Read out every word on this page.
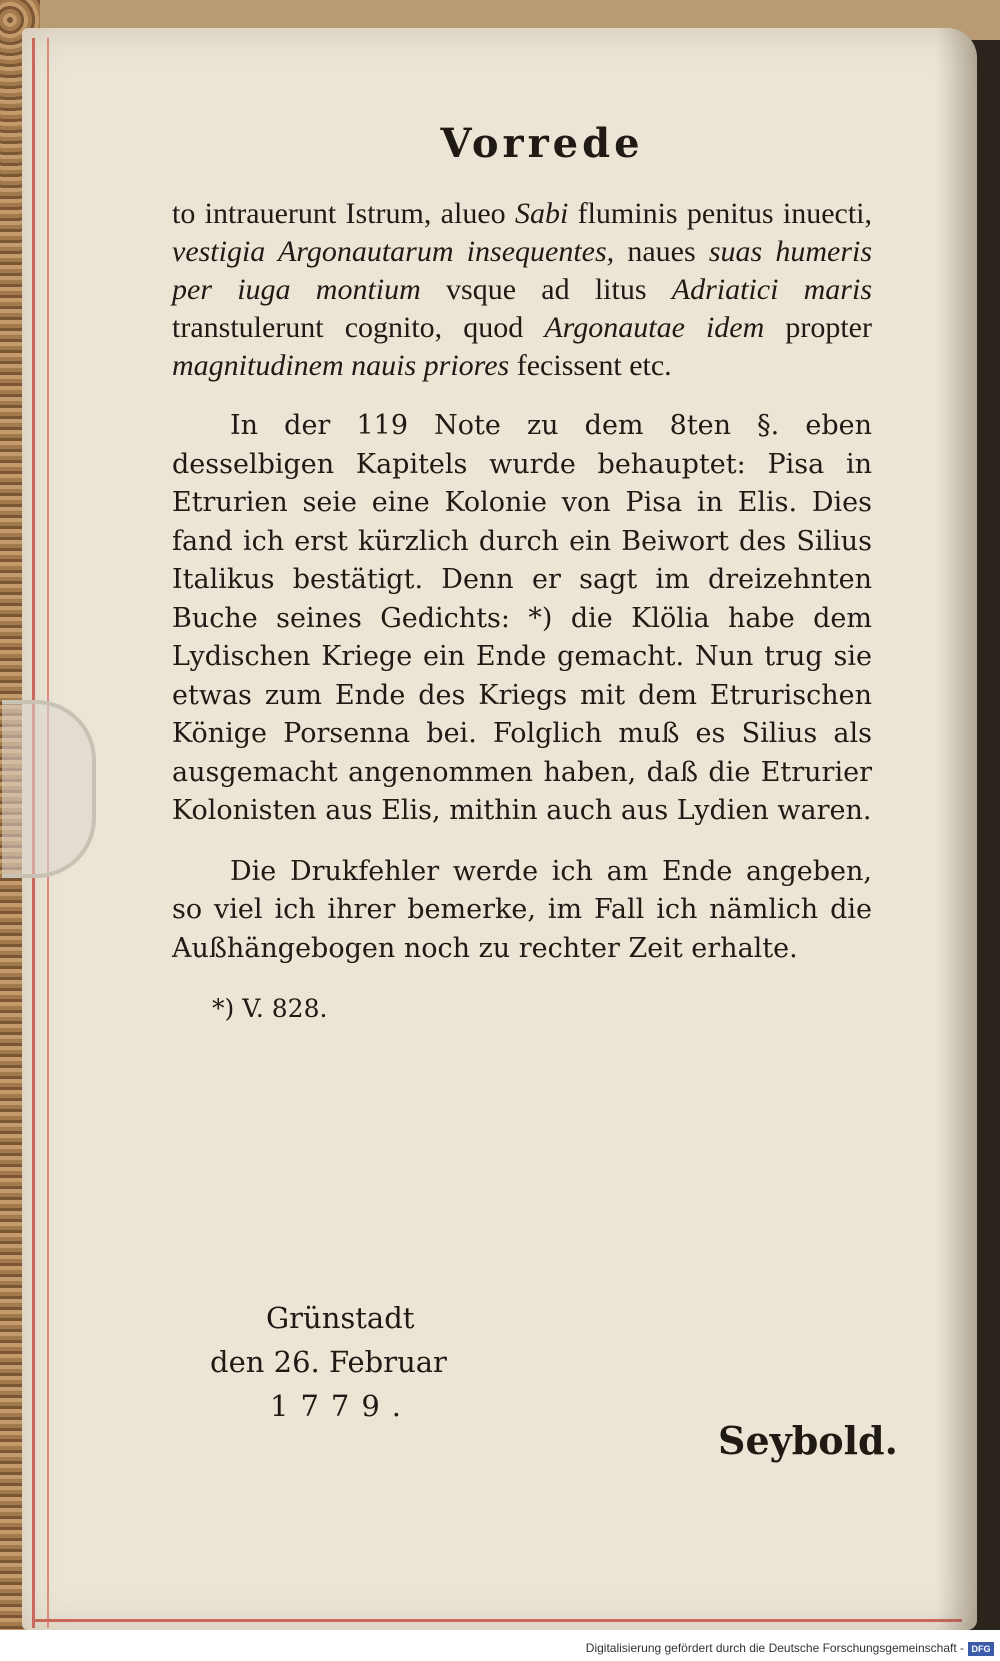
Vorrede

to intrauerunt Istrum, alueo Sabi fluminis penitus inuecti, vestigia Argonautarum insequentes, naues suas humeris per iuga montium vsque ad litus Adriatici maris transtulerunt cognito, quod Argonautae idem propter magnitudinem nauis priores fecissent etc.

In der 119 Note zu dem 8ten §. eben desselbigen Kapitels wurde behauptet: Pisa in Etrurien seie eine Kolonie von Pisa in Elis. Dies fand ich erst kürzlich durch ein Beiwort des Silius Italikus bestätigt. Denn er sagt im dreizehnten Buche seines Gedichts: *) die Klölia habe dem Lydischen Kriege ein Ende gemacht. Nun trug sie etwas zum Ende des Kriegs mit dem Etrurischen Könige Porsenna bei. Folglich muß es Silius als ausgemacht angenommen haben, daß die Etrurier Kolonisten aus Elis, mithin auch aus Lydien waren.

Die Drukfehler werde ich am Ende angeben, so viel ich ihrer bemerke, im Fall ich nämlich die Außhängebogen noch zu rechter Zeit erhalte.

*) V. 828.
Grünstadt
den 26. Februar
1779.
Seybold.
Digitalisierung gefördert durch die Deutsche Forschungsgemeinschaft - DFG
